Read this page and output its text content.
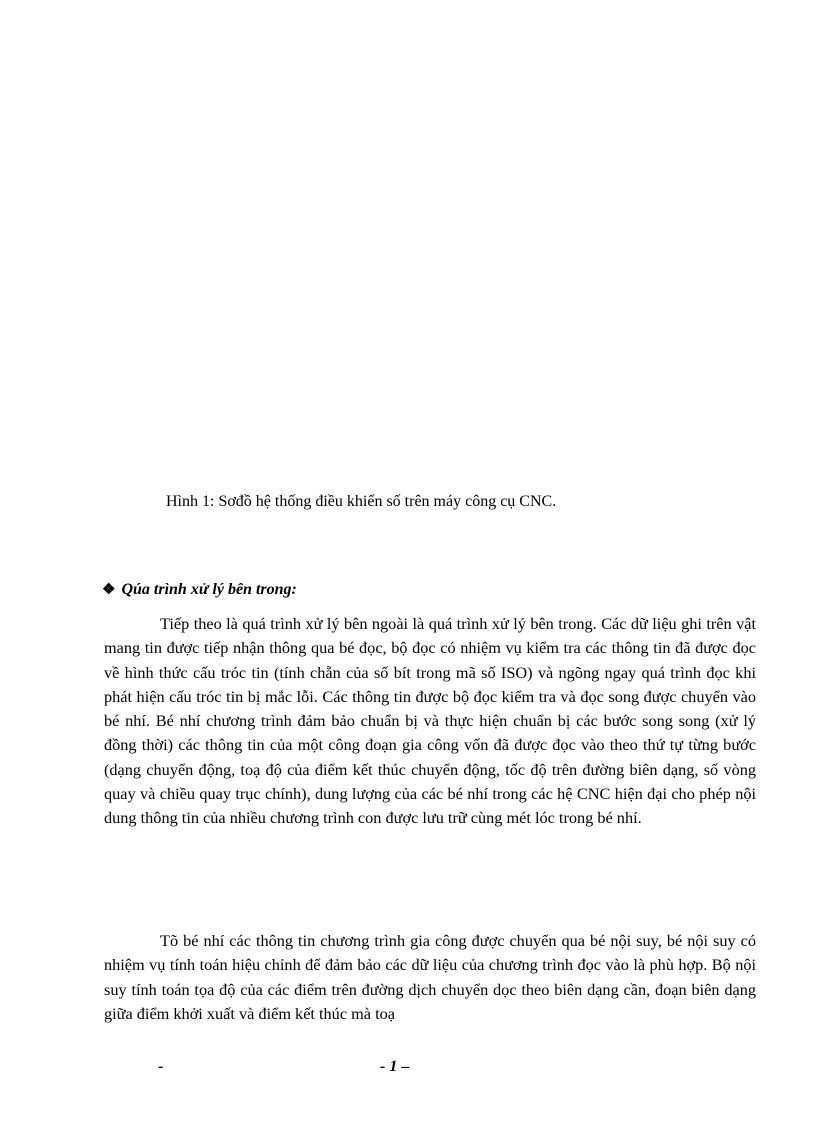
Hình 1: Sơđồ hệ thống điều khiển số trên máy công cụ CNC.
❖ Qúa trình xử lý bên trong:

Tiếp theo là quá trình xử lý bên ngoài là quá trình xử lý bên trong. Các dữ liệu ghi trên vật mang tin được tiếp nhận thông qua bé đọc, bộ đọc có nhiệm vụ kiểm tra các thông tin đã được đọc về hình thức cấu tróc tin (tính chẵn của số bít trong mã số ISO) và ngõng ngay quá trình đọc khi phát hiện cấu tróc tin bị mắc lỗi. Các thông tin được bộ đọc kiểm tra và đọc song được chuyển vào bé nhí. Bé nhí chương trình đảm bảo chuẩn bị và thực hiện chuẩn bị các bước song song (xử lý đồng thời) các thông tin của một công đoạn gia công vốn đã được đọc vào theo thứ tự từng bước (dạng chuyển động, toạ độ của điểm kết thúc chuyển động, tốc độ trên đường biên dạng, số vòng quay và chiều quay trục chính), dung lượng của các bé nhí trong các hệ CNC hiện đại cho phép nội dung thông tin của nhiều chương trình con được lưu trữ cùng mét lóc trong bé nhí.

Tõ bé nhí các thông tin chương trình gia công được chuyển qua bé nội suy, bé nội suy có nhiệm vụ tính toán hiệu chỉnh để đảm bảo các dữ liệu của chương trình đọc vào là phù hợp. Bộ nội suy tính toán tọa độ của các điểm trên đường dịch chuyển dọc theo biên dạng cần, đoạn biên dạng giữa điểm khởi xuất và điểm kết thúc mà toạ

-	- 1 –
